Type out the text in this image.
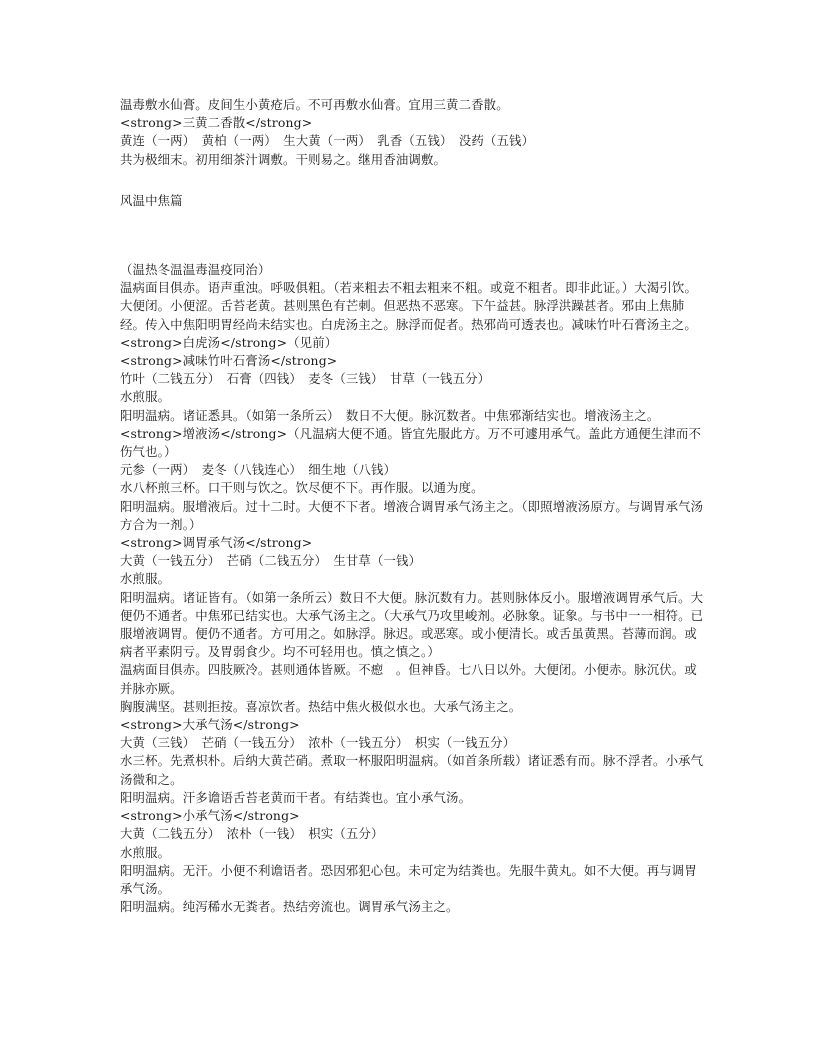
温毒敷水仙膏。皮间生小黄疮后。不可再敷水仙膏。宜用三黄二香散。

<strong>三黄二香散</strong>

黄连（一两）　黄柏（一两）　生大黄（一两）　乳香（五钱）　没药（五钱）

共为极细末。初用细茶汁调敷。干则易之。继用香油调敷。

风温中焦篇

（温热冬温温毒温疫同治）

温病面目俱赤。语声重浊。呼吸俱粗。（若来粗去不粗去粗来不粗。或竟不粗者。即非此证。）大渴引饮。大便闭。小便涩。舌苔老黄。甚则黑色有芒刺。但恶热不恶寒。下午益甚。脉浮洪躁甚者。邪由上焦肺经。传入中焦阳明胃经尚未结实也。白虎汤主之。脉浮而促者。热邪尚可透表也。减味竹叶石膏汤主之。

<strong>白虎汤</strong>（见前）

<strong>减味竹叶石膏汤</strong>

竹叶（二钱五分）　石膏（四钱）　麦冬（三钱）　甘草（一钱五分）

水煎服。

阳明温病。诸证悉具。（如第一条所云）　数日不大便。脉沉数者。中焦邪渐结实也。增液汤主之。

<strong>增液汤</strong>（凡温病大便不通。皆宜先服此方。万不可遽用承气。盖此方通便生津而不伤气也。）

元参（一两）　麦冬（八钱连心）　细生地（八钱）

水八杯煎三杯。口干则与饮之。饮尽便不下。再作服。以通为度。

阳明温病。服增液后。过十二时。大便不下者。增液合调胃承气汤主之。（即照增液汤原方。与调胃承气汤方合为一剂。）

<strong>调胃承气汤</strong>

大黄（一钱五分）　芒硝（二钱五分）　生甘草（一钱）

水煎服。

阳明温病。诸证皆有。（如第一条所云）数日不大便。脉沉数有力。甚则脉体反小。服增液调胃承气后。大便仍不通者。中焦邪已结实也。大承气汤主之。（大承气乃攻里峻剂。必脉象。证象。与书中一一相符。已服增液调胃。便仍不通者。方可用之。如脉浮。脉迟。或恶寒。或小便清长。或舌虽黄黑。苔薄而润。或病者平素阴亏。及胃弱食少。均不可轻用也。慎之慎之。）

温病面目俱赤。四肢厥冷。甚则通体皆厥。不瘛　。但神昏。七八日以外。大便闭。小便赤。脉沉伏。或并脉亦厥。

胸腹满坚。甚则拒按。喜凉饮者。热结中焦火极似水也。大承气汤主之。

<strong>大承气汤</strong>

大黄（三钱）　芒硝（一钱五分）　浓朴（一钱五分）　枳实（一钱五分）

水三杯。先煮枳朴。后纳大黄芒硝。煮取一杯服阳明温病。（如首条所载）诸证悉有而。脉不浮者。小承气汤微和之。

阳明温病。汗多谵语舌苔老黄而干者。有结粪也。宜小承气汤。

<strong>小承气汤</strong>

大黄（二钱五分）　浓朴（一钱）　枳实（五分）

水煎服。

阳明温病。无汗。小便不利谵语者。恐因邪犯心包。未可定为结粪也。先服牛黄丸。如不大便。再与调胃承气汤。

阳明温病。纯泻稀水无粪者。热结旁流也。调胃承气汤主之。
